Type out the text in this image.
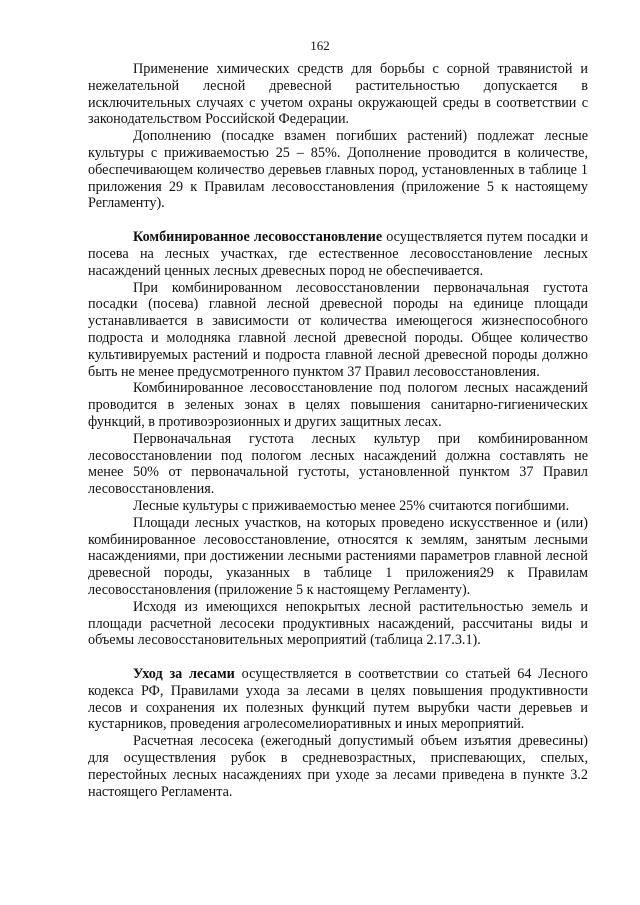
162

Применение химических средств для борьбы с сорной травянистой и нежелательной лесной древесной растительностью допускается в исключительных случаях с учетом охраны окружающей среды в соответствии с законодательством Российской Федерации.

Дополнению (посадке взамен погибших растений) подлежат лесные культуры с приживаемостью 25 – 85%. Дополнение проводится в количестве, обеспечивающем количество деревьев главных пород, установленных в таблице 1 приложения 29 к Правилам лесовосстановления (приложение 5 к настоящему Регламенту).

Комбинированное лесовосстановление осуществляется путем посадки и посева на лесных участках, где естественное лесовосстановление лесных насаждений ценных лесных древесных пород не обеспечивается.

При комбинированном лесовосстановлении первоначальная густота посадки (посева) главной лесной древесной породы на единице площади устанавливается в зависимости от количества имеющегося жизнеспособного подроста и молодняка главной лесной древесной породы. Общее количество культивируемых растений и подроста главной лесной древесной породы должно быть не менее предусмотренного пунктом 37 Правил лесовосстановления.

Комбинированное лесовосстановление под пологом лесных насаждений проводится в зеленых зонах в целях повышения санитарно-гигиенических функций, в противоэрозионных и других защитных лесах.

Первоначальная густота лесных культур при комбинированном лесовосстановлении под пологом лесных насаждений должна составлять не менее 50% от первоначальной густоты, установленной пунктом 37 Правил лесовосстановления.

Лесные культуры с приживаемостью менее 25% считаются погибшими.

Площади лесных участков, на которых проведено искусственное и (или) комбинированное лесовосстановление, относятся к землям, занятым лесными насаждениями, при достижении лесными растениями параметров главной лесной древесной породы, указанных в таблице 1 приложения29 к Правилам лесовосстановления (приложение 5 к настоящему Регламенту).

Исходя из имеющихся непокрытых лесной растительностью земель и площади расчетной лесосеки продуктивных насаждений, рассчитаны виды и объемы лесовосстановительных мероприятий (таблица 2.17.3.1).

Уход за лесами осуществляется в соответствии со статьей 64 Лесного кодекса РФ, Правилами ухода за лесами в целях повышения продуктивности лесов и сохранения их полезных функций путем вырубки части деревьев и кустарников, проведения агролесомелиоративных и иных мероприятий.

Расчетная лесосека (ежегодный допустимый объем изъятия древесины) для осуществления рубок в средневозрастных, приспевающих, спелых, перестойных лесных насаждениях при уходе за лесами приведена в пункте 3.2 настоящего Регламента.
